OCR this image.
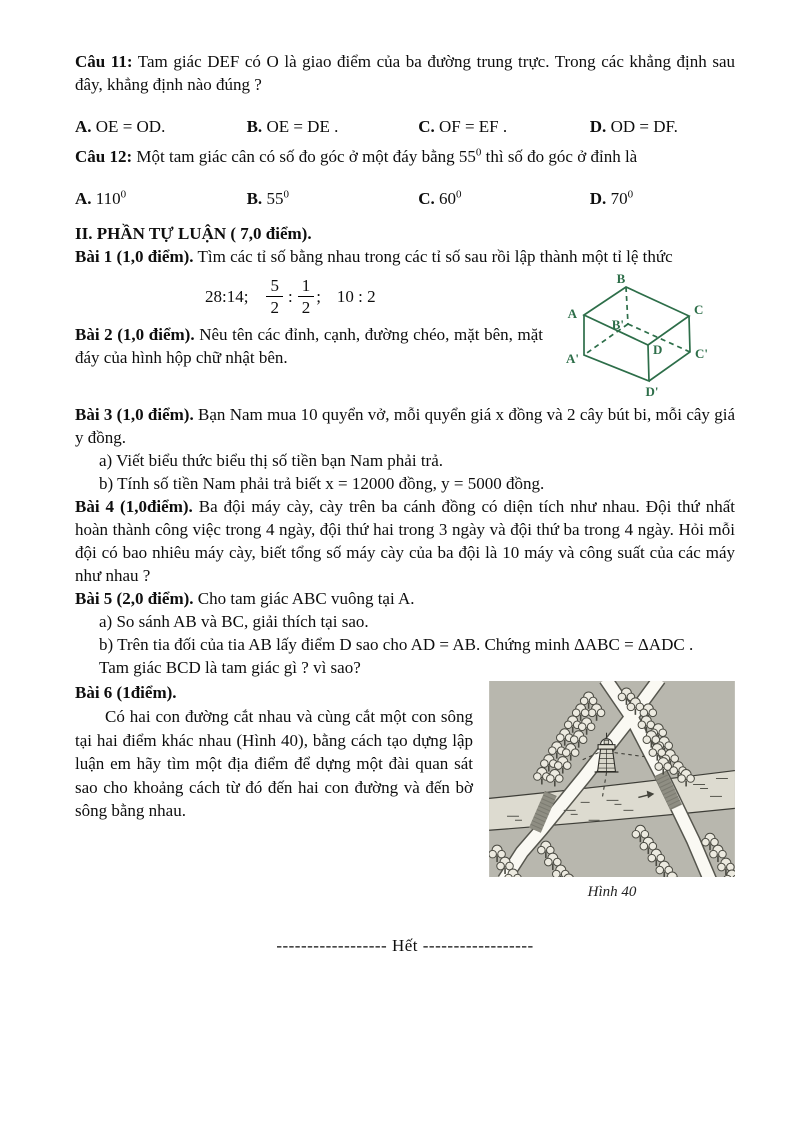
Câu 11: Tam giác DEF có O là giao điểm của ba đường trung trực. Trong các khẳng định sau đây, khẳng định nào đúng ?

A. OE = OD.	B. OE = DE .	C. OF = EF .	D. OD = DF.

Câu 12: Một tam giác cân có số đo góc ở một đáy bằng $55^0$ thì số đo góc ở đỉnh là

A. $110^0$	B. $55^0$	C. $60^0$	D. $70^0$

II. PHẦN TỰ LUẬN ( 7,0 điểm).

Bài 1 (1,0 điểm). Tìm các tỉ số bằng nhau trong các tỉ số sau rồi lập thành một tỉ lệ thức

28:14; $\frac{5}{2}$ : $\frac{1}{2}$ ; 10 : 2

Bài 2 (1,0 điểm). Nêu tên các đỉnh, cạnh, đường chéo, mặt bên, mặt đáy của hình hộp chữ nhật bên.

B
A	C
B'
D
A'	C'
D'

Bài 3 (1,0 điểm). Bạn Nam mua 10 quyển vở, mỗi quyển giá x đồng và 2 cây bút bi, mỗi cây giá y đồng.

a) Viết biểu thức biểu thị số tiền bạn Nam phải trả.

b) Tính số tiền Nam phải trả biết x = 12000 đồng, y = 5000 đồng.

Bài 4 (1,0điểm). Ba đội máy cày, cày trên ba cánh đồng có diện tích như nhau. Đội thứ nhất hoàn thành công việc trong 4 ngày, đội thứ hai trong 3 ngày và đội thứ ba trong 4 ngày. Hỏi mỗi đội có bao nhiêu máy cày, biết tổng số máy cày của ba đội là 10 máy và công suất của các máy như nhau ?

Bài 5 (2,0 điểm). Cho tam giác ABC vuông tại A.

a) So sánh AB và BC, giải thích tại sao.

b) Trên tia đối của tia AB lấy điểm D sao cho AD = AB. Chứng minh ΔABC = ΔADC .

Tam giác BCD là tam giác gì ? vì sao?

Bài 6 (1điểm).

Có hai con đường cắt nhau và cùng cắt một con sông tại hai điểm khác nhau (Hình 40), bằng cách tạo dựng lập luận em hãy tìm một địa điểm để dựng một đài quan sát sao cho khoảng cách từ đó đến hai con đường và đến bờ sông bằng nhau.

Hình 40

------------------ Hết ------------------
